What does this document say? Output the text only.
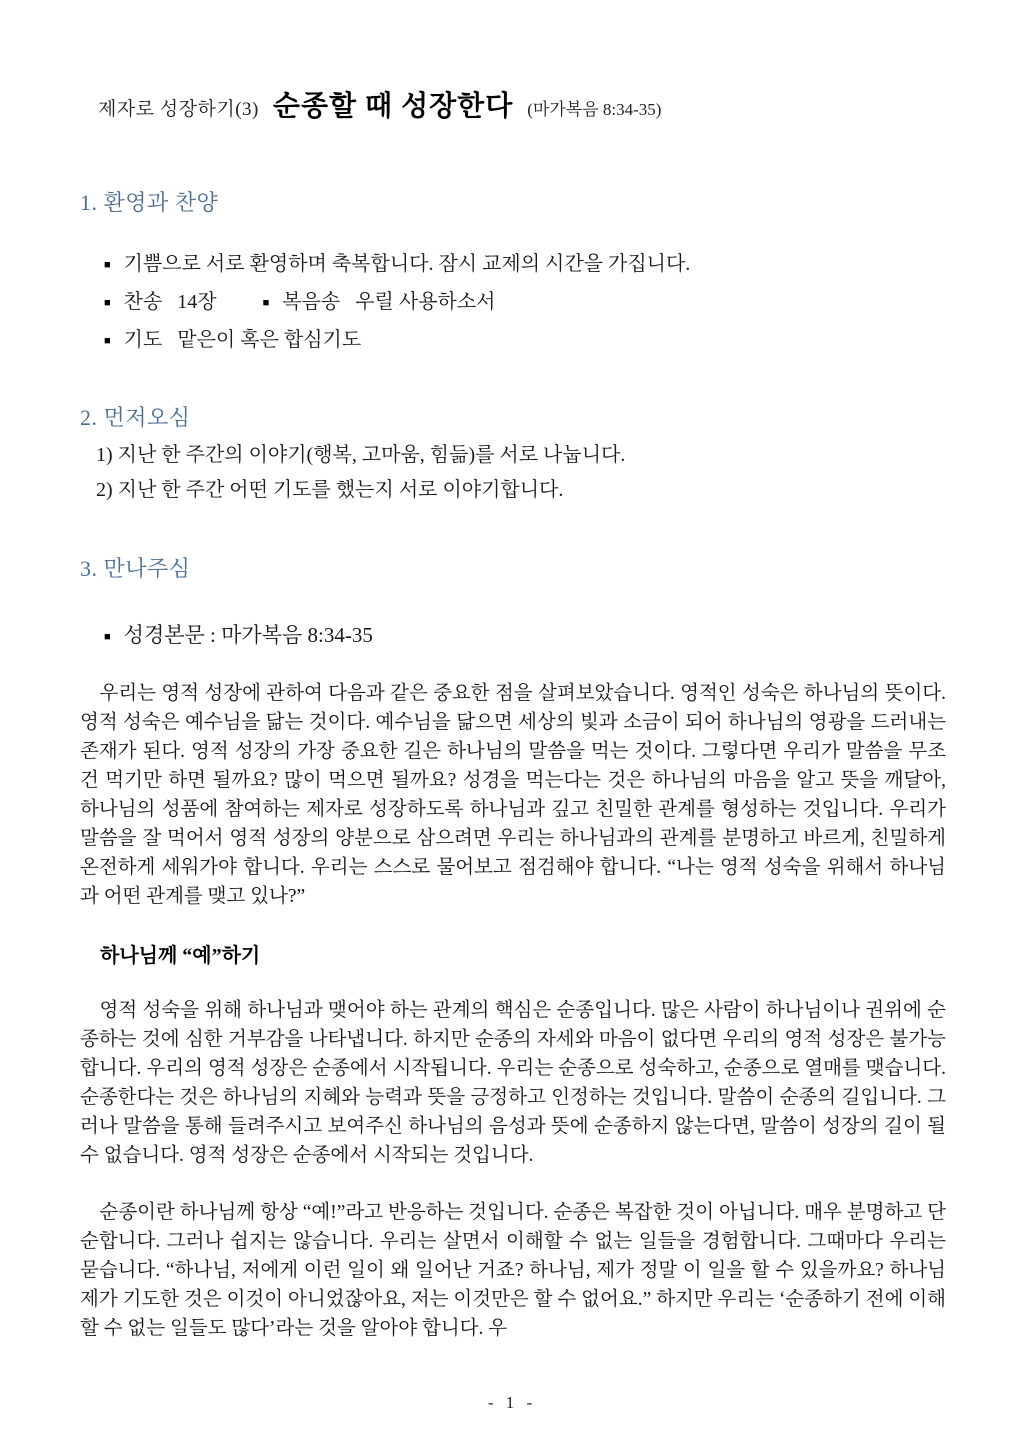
제자로 성장하기(3) 순종할 때 성장한다 (마가복음 8:34-35)
1. 환영과 찬양
■ 기쁨으로 서로 환영하며 축복합니다. 잠시 교제의 시간을 가집니다.
■ 찬송   14장	■ 복음송   우릴 사용하소서
■ 기도   맡은이 혹은 합심기도
2. 먼저오심
1) 지난 한 주간의 이야기(행복, 고마움, 힘듦)를 서로 나눕니다.
2) 지난 한 주간 어떤 기도를 했는지 서로 이야기합니다.
3. 만나주심
■ 성경본문 : 마가복음 8:34-35

우리는 영적 성장에 관하여 다음과 같은 중요한 점을 살펴보았습니다. 영적인 성숙은 하나님의 뜻이다. 영적 성숙은 예수님을 닮는 것이다. 예수님을 닮으면 세상의 빛과 소금이 되어 하나님의 영광을 드러내는 존재가 된다. 영적 성장의 가장 중요한 길은 하나님의 말씀을 먹는 것이다. 그렇다면 우리가 말씀을 무조건 먹기만 하면 될까요? 많이 먹으면 될까요? 성경을 먹는다는 것은 하나님의 마음을 알고 뜻을 깨달아, 하나님의 성품에 참여하는 제자로 성장하도록 하나님과 깊고 친밀한 관계를 형성하는 것입니다. 우리가 말씀을 잘 먹어서 영적 성장의 양분으로 삼으려면 우리는 하나님과의 관계를 분명하고 바르게, 친밀하게 온전하게 세워가야 합니다. 우리는 스스로 물어보고 점검해야 합니다. “나는 영적 성숙을 위해서 하나님과 어떤 관계를 맺고 있나?”

하나님께 “예”하기

영적 성숙을 위해 하나님과 맺어야 하는 관계의 핵심은 순종입니다. 많은 사람이 하나님이나 권위에 순종하는 것에 심한 거부감을 나타냅니다. 하지만 순종의 자세와 마음이 없다면 우리의 영적 성장은 불가능합니다. 우리의 영적 성장은 순종에서 시작됩니다. 우리는 순종으로 성숙하고, 순종으로 열매를 맺습니다. 순종한다는 것은 하나님의 지혜와 능력과 뜻을 긍정하고 인정하는 것입니다. 말씀이 순종의 길입니다. 그러나 말씀을 통해 들려주시고 보여주신 하나님의 음성과 뜻에 순종하지 않는다면, 말씀이 성장의 길이 될 수 없습니다. 영적 성장은 순종에서 시작되는 것입니다.

순종이란 하나님께 항상 “예!”라고 반응하는 것입니다. 순종은 복잡한 것이 아닙니다. 매우 분명하고 단순합니다. 그러나 쉽지는 않습니다. 우리는 살면서 이해할 수 없는 일들을 경험합니다. 그때마다 우리는 묻습니다. “하나님, 저에게 이런 일이 왜 일어난 거죠? 하나님, 제가 정말 이 일을 할 수 있을까요? 하나님 제가 기도한 것은 이것이 아니었잖아요, 저는 이것만은 할 수 없어요.” 하지만 우리는 ‘순종하기 전에 이해할 수 없는 일들도 많다’라는 것을 알아야 합니다. 우

- 1 -
